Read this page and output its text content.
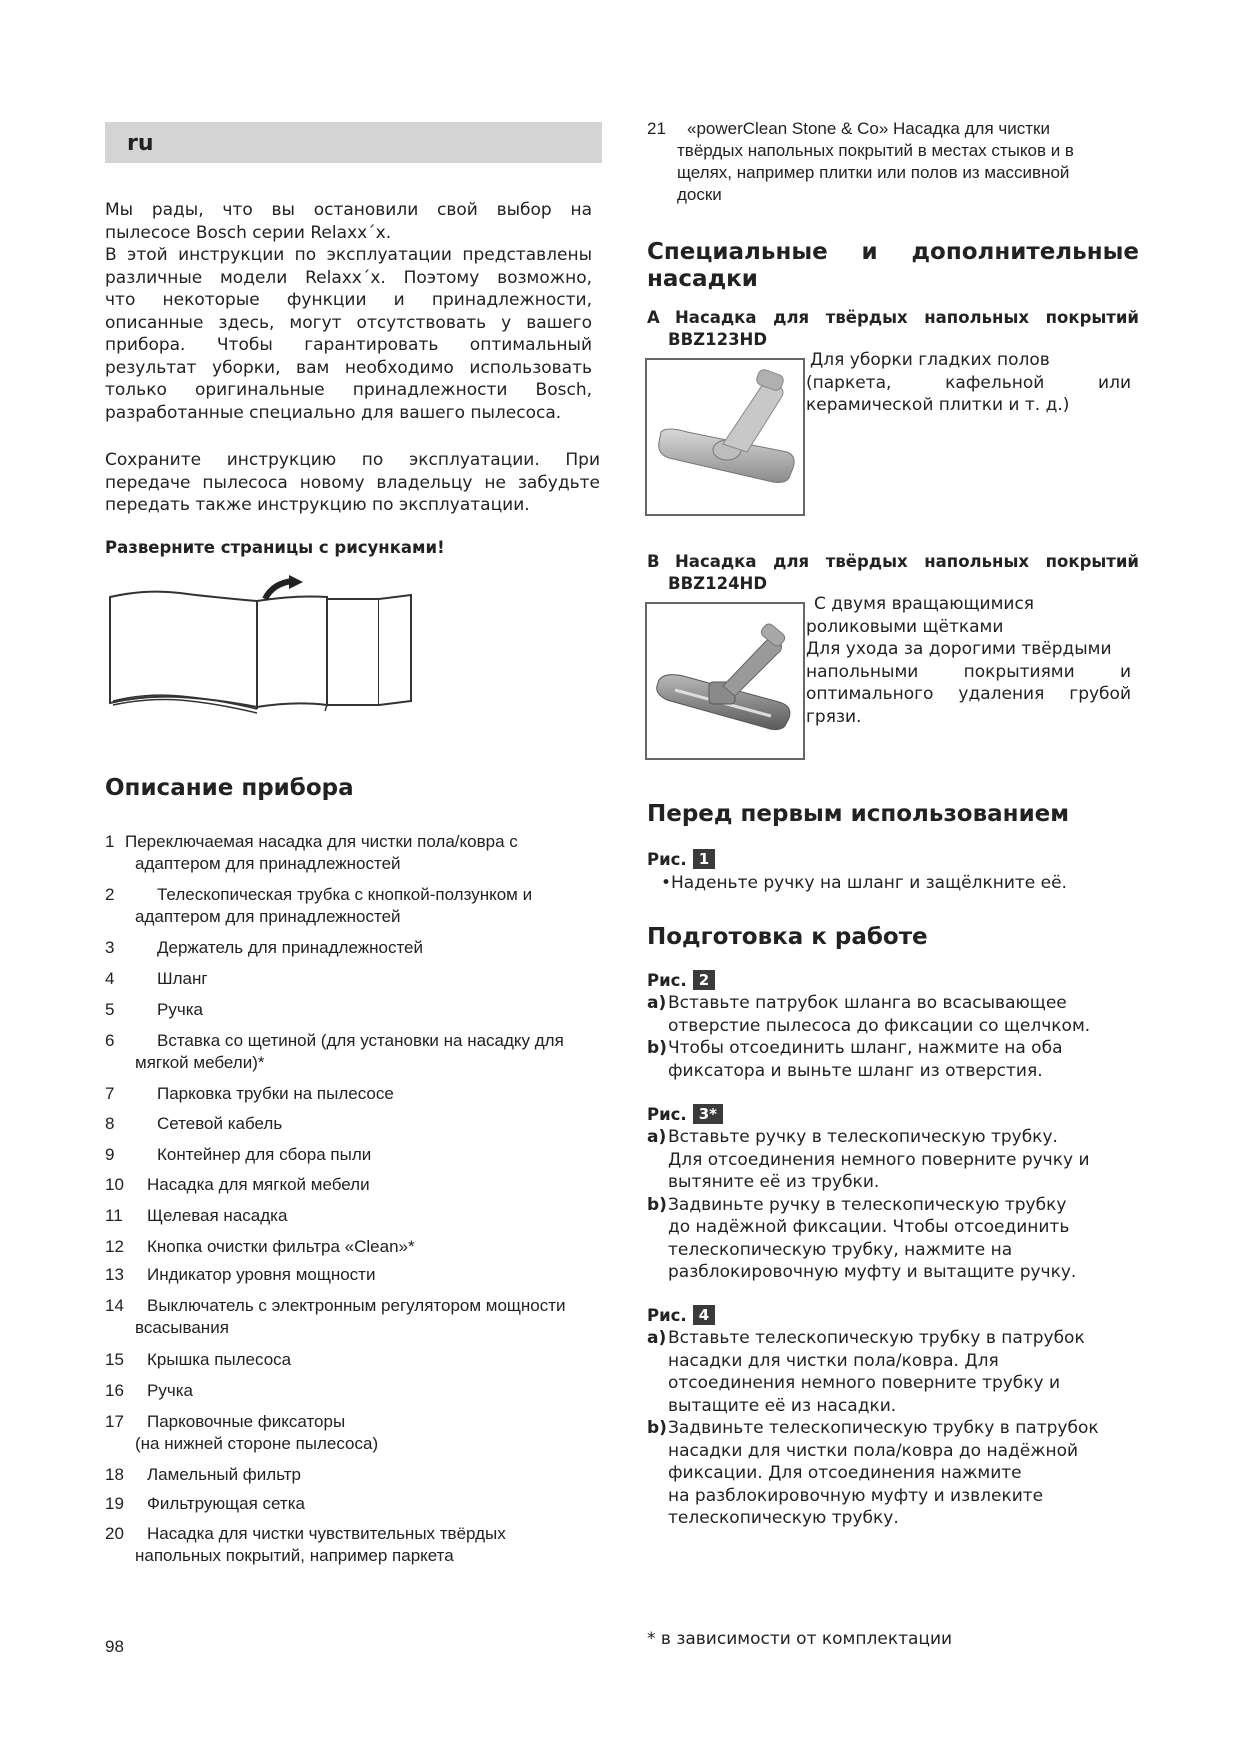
ru
Мы рады, что вы остановили свой выбор на
пылесосе Bosch серии Relaxx´x.
В этой инструкции по эксплуатации представлены
различные модели Relaxx´x. Поэтому возможно,
что некоторые функции и принадлежности,
описанные здесь, могут отсутствовать у вашего
прибора. Чтобы гарантировать оптимальный
результат уборки, вам необходимо использовать
только оригинальные принадлежности Bosch,
разработанные специально для вашего пылесоса.
Сохраните инструкцию по эксплуатации. При
передаче пылесоса новому владельцу не забудьте
передать также инструкцию по эксплуатации.
Разверните страницы с рисунками!
Описание прибора
1 Переключаемая насадка для чистки пола/ковра с
адаптером для принадлежностей
2	Телескопическая трубка с кнопкой-ползунком и
адаптером для принадлежностей
3	Держатель для принадлежностей
4	Шланг
5	Ручка
6	Вставка со щетиной (для установки на насадку для
мягкой мебели)*
7	Парковка трубки на пылесосе
8	Сетевой кабель
9	Контейнер для сбора пыли
10 Насадка для мягкой мебели
11 Щелевая насадка
12 Кнопка очистки фильтра «Clean»*
13 Индикатор уровня мощности
14 Выключатель с электронным регулятором мощности
всасывания
15 Крышка пылесоса
16 Ручка
17 Парковочные фиксаторы
(на нижней стороне пылесоса)
18 Ламельный фильтр
19 Фильтрующая сетка
20 Насадка для чистки чувствительных твёрдых
напольных покрытий, например паркета
21 «powerClean Stone & Co» Насадка для чистки
твёрдых напольных покрытий в местах стыков и в
щелях, например плитки или полов из массивной
доски
Специальные и дополнительные
насадки
A Насадка для твёрдых напольных покрытий
BBZ123HD
Для уборки гладких полов
(паркета, кафельной или
керамической плитки и т. д.)
B Насадка для твёрдых напольных покрытий
BBZ124HD
С двумя вращающимися
роликовыми щётками
Для ухода за дорогими твёрдыми
напольными покрытиями и
оптимального удаления грубой
грязи.
Перед первым использованием
Рис. 1
•Наденьте ручку на шланг и защёлкните её.
Подготовка к работе
Рис. 2
a) Вставьте патрубок шланга во всасывающее
отверстие пылесоса до фиксации со щелчком.
b)Чтобы отсоединить шланг, нажмите на оба
фиксатора и выньте шланг из отверстия.
Рис. 3*
a) Вставьте ручку в телескопическую трубку.
Для отсоединения немного поверните ручку и
вытяните её из трубки.
b)Задвиньте ручку в телескопическую трубку
до надёжной фиксации. Чтобы отсоединить
телескопическую трубку, нажмите на
разблокировочную муфту и вытащите ручку.
Рис. 4
a) Вставьте телескопическую трубку в патрубок
насадки для чистки пола/ковра. Для
отсоединения немного поверните трубку и
вытащите её из насадки.
b)Задвиньте телескопическую трубку в патрубок
насадки для чистки пола/ковра до надёжной
фиксации. Для отсоединения нажмите
на разблокировочную муфту и извлеките
телескопическую трубку.
* в зависимости от комплектации
98
